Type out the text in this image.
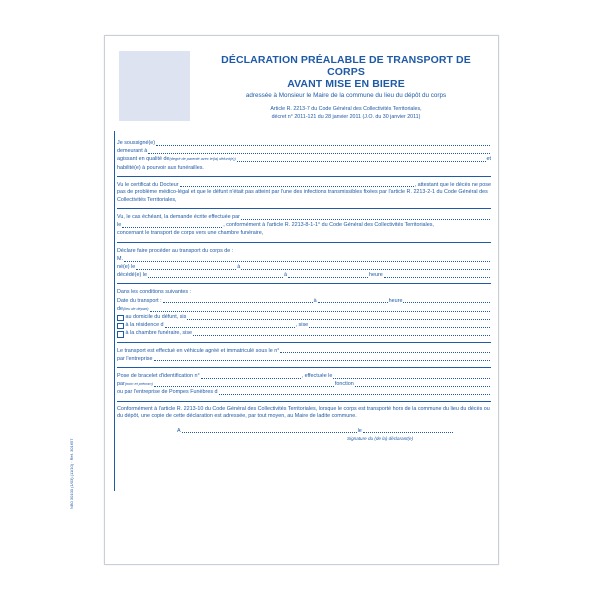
DÉCLARATION PRÉALABLE DE TRANSPORT DE CORPS
AVANT MISE EN BIERE
adressée à Monsieur le Maire de la commune du lieu du dépôt du corps
Article R. 2213-7 du Code Général des Collectivités Territoriales,
décret n° 2011-121 du 28 janvier 2011 (J.O. du 30 janvier 2011)
NB0 30100 (1/03) (11/10) · Réf. 301657
Je soussigné(e)
demeurant à
agissant en qualité de (degré de parenté avec le(la) défunt(e))	et
habilité(e) à pourvoir aux funérailles.
Vu le certificat du Docteur	, attestant que le décès ne pose
pas de problème médico-légal et que le défunt n'était pas atteint par l'une des infections transmissibles fixées par l'article R. 2213-2-1 du Code Général des Collectivités Territoriales,
Vu, le cas échéant, la demande écrite effectuée par
le	, conformément à l'article R. 2213-8-1-1° du Code Général des Collectivités Territoriales,
concernant le transport de corps vers une chambre funéraire,
Déclare faire procéder au transport du corps de :
M.
né(e) le	à
décédé(e) le	à	heure
Dans les conditions suivantes :
Date du transport :	à	heure
de (lieu de départ)
au domicile du défunt, sis
à la résidence d	, sise
à la chambre funéraire, sise
Le transport est effectué en véhicule agréé et immatriculé sous le n°
par l'entreprise
Pose de bracelet d'identification n°	, effectuée le
par (nom et prénom)	fonction
ou par l'entreprise de Pompes Funèbres d
Conformément à l'article R. 2213-10 du Code Général des Collectivités Territoriales, lorsque le corps est transporté hors de la commune du lieu du décès ou du dépôt, une copie de cette déclaration est adressée, par tout moyen, au Maire de ladite commune.
A	le
Signature du (de la) déclarant(e)
